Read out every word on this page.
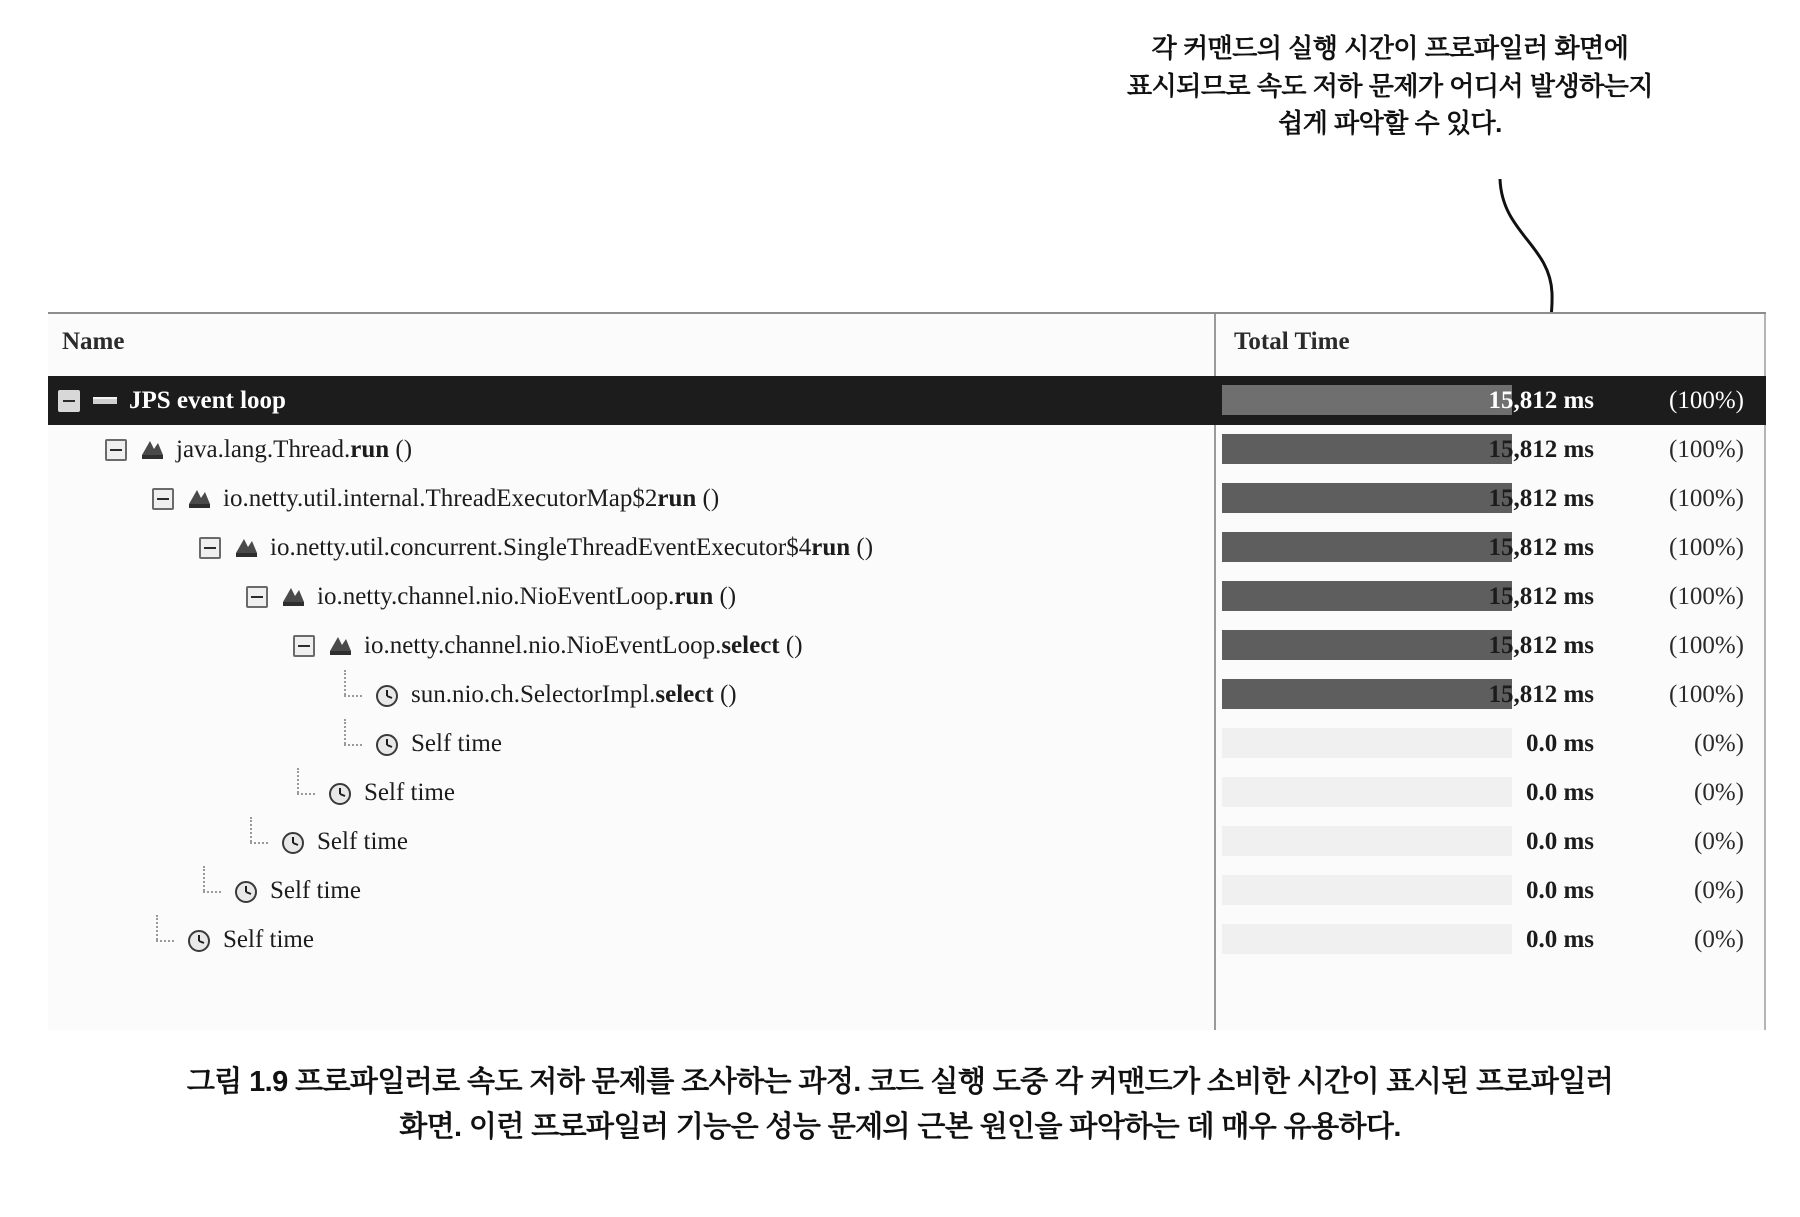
각 커맨드의 실행 시간이 프로파일러 화면에
표시되므로 속도 저하 문제가 어디서 발생하는지
쉽게 파악할 수 있다.
Name	Total Time
JPS event loop	15,812 ms	(100%)
java.lang.Thread.run ()	15,812 ms	(100%)
io.netty.util.internal.ThreadExecutorMap$2run ()	15,812 ms	(100%)
io.netty.util.concurrent.SingleThreadEventExecutor$4run ()	15,812 ms	(100%)
io.netty.channel.nio.NioEventLoop.run ()	15,812 ms	(100%)
io.netty.channel.nio.NioEventLoop.select ()	15,812 ms	(100%)
sun.nio.ch.SelectorImpl.select ()	15,812 ms	(100%)
Self time	0.0 ms	(0%)
Self time	0.0 ms	(0%)
Self time	0.0 ms	(0%)
Self time	0.0 ms	(0%)
Self time	0.0 ms	(0%)
그림 1.9 프로파일러로 속도 저하 문제를 조사하는 과정. 코드 실행 도중 각 커맨드가 소비한 시간이 표시된 프로파일러
화면. 이런 프로파일러 기능은 성능 문제의 근본 원인을 파악하는 데 매우 유용하다.
